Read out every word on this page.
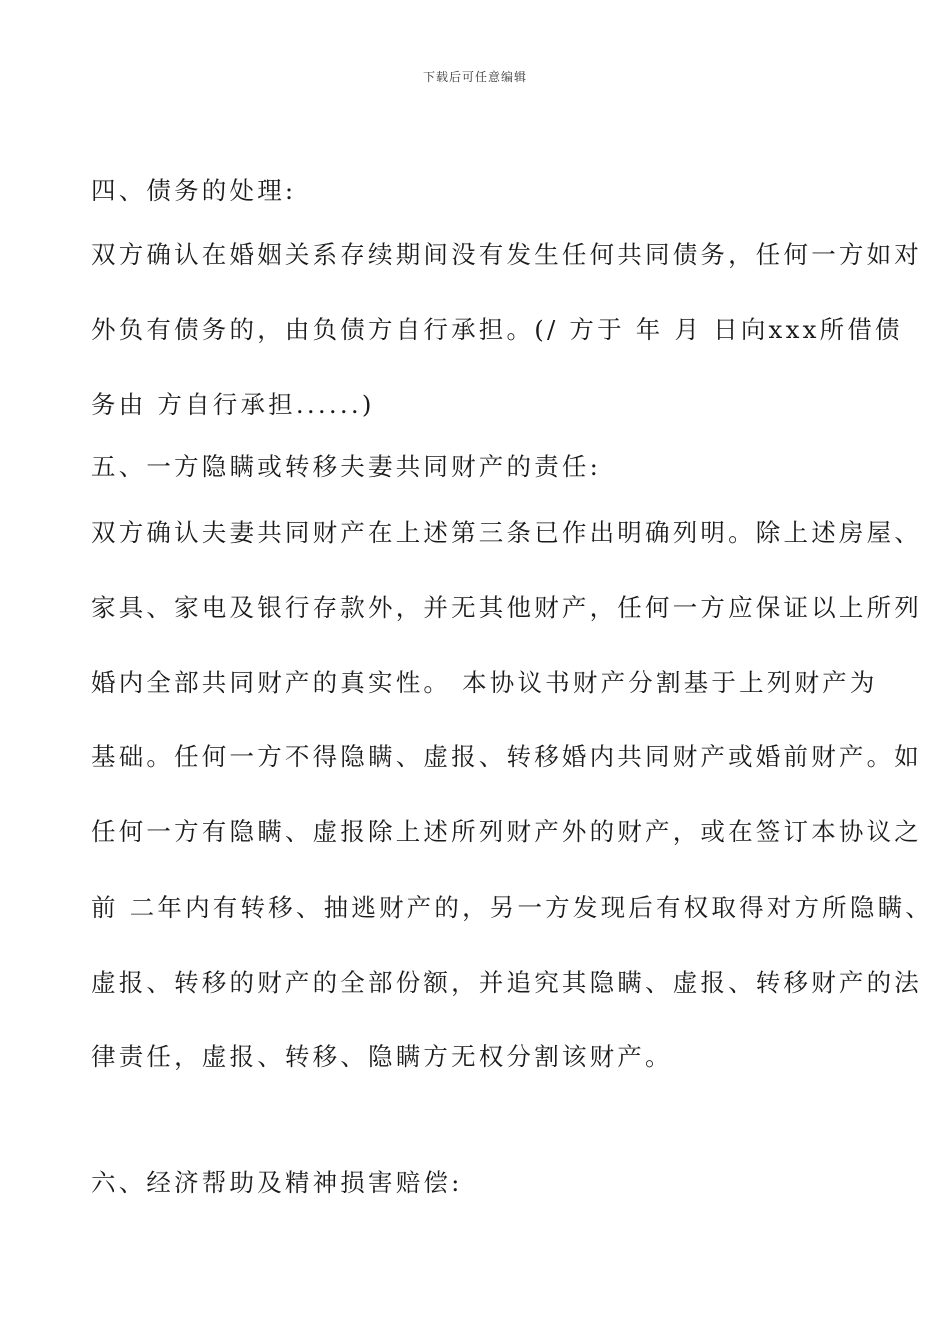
下载后可任意编辑
四、债务的处理:
双方确认在婚姻关系存续期间没有发生任何共同债务，任何一方如对
外负有债务的，由负债方自行承担。(/ 方于 年 月 日向xxx所借债
务由 方自行承担......)
五、一方隐瞒或转移夫妻共同财产的责任:
双方确认夫妻共同财产在上述第三条已作出明确列明。除上述房屋、
家具、家电及银行存款外，并无其他财产，任何一方应保证以上所列
婚内全部共同财产的真实性。 本协议书财产分割基于上列财产为
基础。任何一方不得隐瞒、虚报、转移婚内共同财产或婚前财产。如
任何一方有隐瞒、虚报除上述所列财产外的财产，或在签订本协议之
前 二年内有转移、抽逃财产的，另一方发现后有权取得对方所隐瞒、
虚报、转移的财产的全部份额，并追究其隐瞒、虚报、转移财产的法
律责任，虚报、转移、隐瞒方无权分割该财产。
六、经济帮助及精神损害赔偿:
